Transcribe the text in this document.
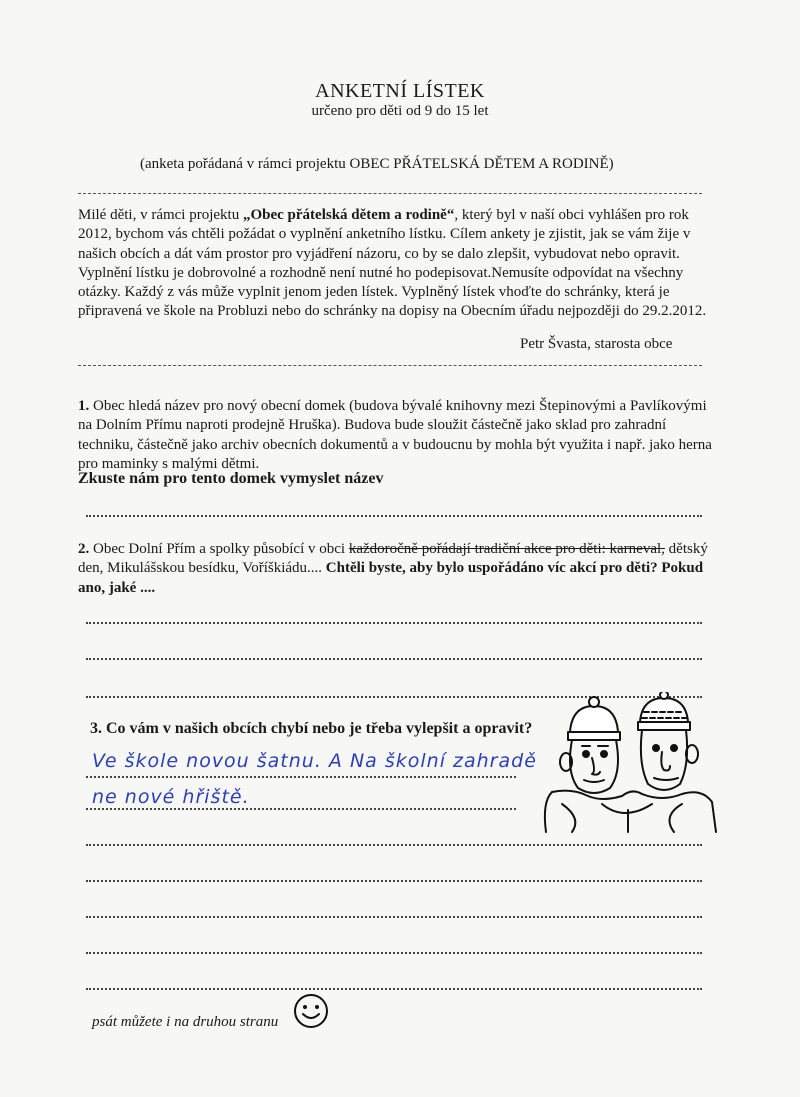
ANKETNÍ LÍSTEK
určeno pro děti od 9 do 15 let
(anketa pořádaná v rámci projektu OBEC PŘÁTELSKÁ DĚTEM A RODINĚ)
Milé děti, v rámci projektu „Obec přátelská dětem a rodině“, který byl v naší obci vyhlášen pro rok 2012, bychom vás chtěli požádat o vyplnění anketního lístku. Cílem ankety je zjistit, jak se vám žije v našich obcích a dát vám prostor pro vyjádření názoru, co by se dalo zlepšit, vybudovat nebo opravit. Vyplnění lístku je dobrovolné a rozhodně není nutné ho podepisovat.Nemusíte odpovídat na všechny otázky. Každý z vás může vyplnit jenom jeden lístek. Vyplněný lístek vhoďte do schránky, která je připravená ve škole na Probluzi nebo do schránky na dopisy na Obecním úřadu nejpozději do 29.2.2012.
Petr Švasta, starosta obce
1. Obec hledá název pro nový obecní domek (budova bývalé knihovny mezi Štepinovými a Pavlíkovými na Dolním Přímu naproti prodejně Hruška). Budova bude sloužit částečně jako sklad pro zahradní techniku, částečně jako archiv obecních dokumentů a v budoucnu by mohla být využita i např. jako herna pro maminky s malými dětmi.
Zkuste nám pro tento domek vymyslet název
2. Obec Dolní Přím a spolky působící v obci každoročně pořádají tradiční akce pro děti: karneval, dětský den, Mikulášskou besídku, Voříškiádu.... Chtěli byste, aby bylo uspořádáno víc akcí pro děti? Pokud ano, jaké ....
3. Co vám v našich obcích chybí nebo je třeba vylepšit a opravit?
Ve škole novou šatnu. A Na školní zahradě
ne nové hřiště.
psát můžete i na druhou stranu
